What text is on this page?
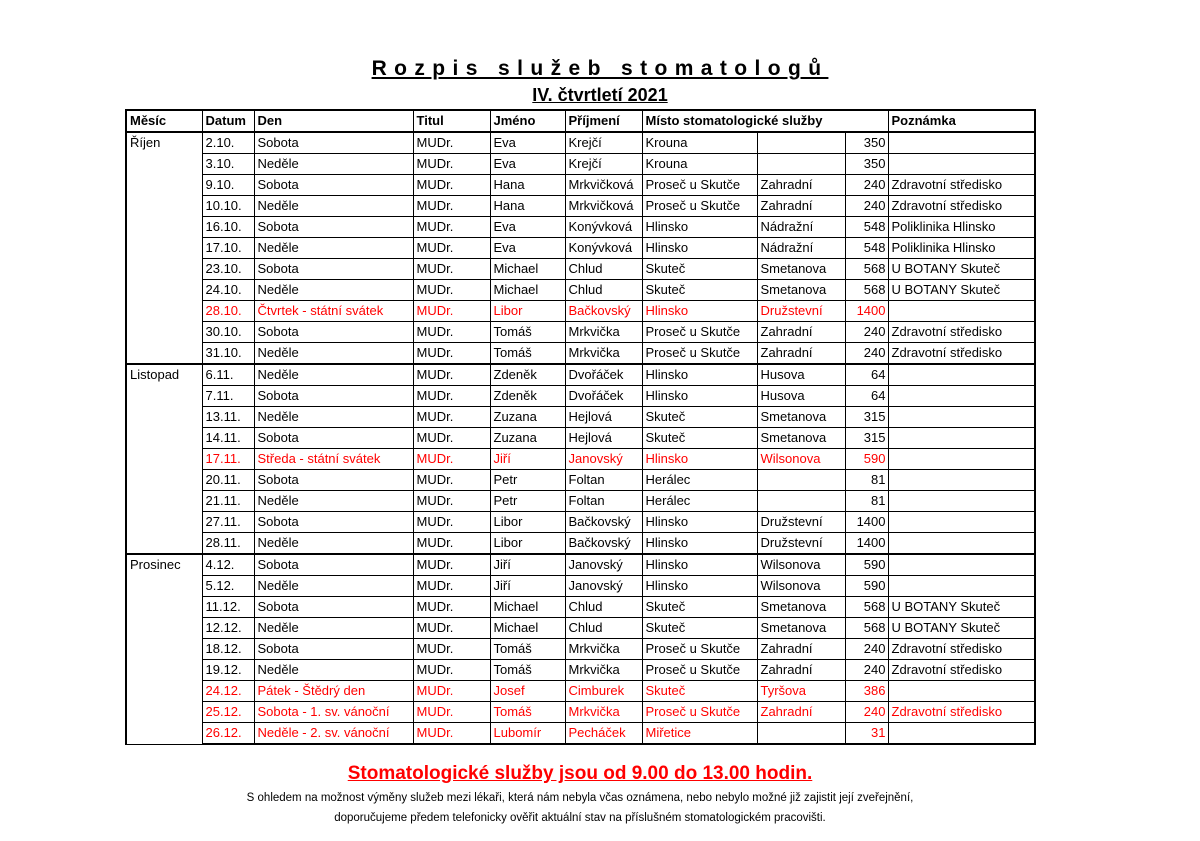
Rozpis služeb stomatologů
IV. čtvrtletí 2021
Měsíc	Datum	Den	Titul	Jméno	Příjmení	Místo stomatologické služby			Poznámka
Říjen	2.10.	Sobota	MUDr.	Eva	Krejčí	Krouna		350	
	3.10.	Neděle	MUDr.	Eva	Krejčí	Krouna		350	
	9.10.	Sobota	MUDr.	Hana	Mrkvičková	Proseč u Skutče	Zahradní	240	Zdravotní středisko
	10.10.	Neděle	MUDr.	Hana	Mrkvičková	Proseč u Skutče	Zahradní	240	Zdravotní středisko
	16.10.	Sobota	MUDr.	Eva	Konývková	Hlinsko	Nádražní	548	Poliklinika Hlinsko
	17.10.	Neděle	MUDr.	Eva	Konývková	Hlinsko	Nádražní	548	Poliklinika Hlinsko
	23.10.	Sobota	MUDr.	Michael	Chlud	Skuteč	Smetanova	568	U BOTANY Skuteč
	24.10.	Neděle	MUDr.	Michael	Chlud	Skuteč	Smetanova	568	U BOTANY Skuteč
	28.10.	Čtvrtek - státní svátek	MUDr.	Libor	Bačkovský	Hlinsko	Družstevní	1400	
	30.10.	Sobota	MUDr.	Tomáš	Mrkvička	Proseč u Skutče	Zahradní	240	Zdravotní středisko
	31.10.	Neděle	MUDr.	Tomáš	Mrkvička	Proseč u Skutče	Zahradní	240	Zdravotní středisko
Listopad	6.11.	Neděle	MUDr.	Zdeněk	Dvořáček	Hlinsko	Husova	64	
	7.11.	Sobota	MUDr.	Zdeněk	Dvořáček	Hlinsko	Husova	64	
	13.11.	Neděle	MUDr.	Zuzana	Hejlová	Skuteč	Smetanova	315	
	14.11.	Sobota	MUDr.	Zuzana	Hejlová	Skuteč	Smetanova	315	
	17.11.	Středa - státní svátek	MUDr.	Jiří	Janovský	Hlinsko	Wilsonova	590	
	20.11.	Sobota	MUDr.	Petr	Foltan	Herálec		81	
	21.11.	Neděle	MUDr.	Petr	Foltan	Herálec		81	
	27.11.	Sobota	MUDr.	Libor	Bačkovský	Hlinsko	Družstevní	1400	
	28.11.	Neděle	MUDr.	Libor	Bačkovský	Hlinsko	Družstevní	1400	
Prosinec	4.12.	Sobota	MUDr.	Jiří	Janovský	Hlinsko	Wilsonova	590	
	5.12.	Neděle	MUDr.	Jiří	Janovský	Hlinsko	Wilsonova	590	
	11.12.	Sobota	MUDr.	Michael	Chlud	Skuteč	Smetanova	568	U BOTANY Skuteč
	12.12.	Neděle	MUDr.	Michael	Chlud	Skuteč	Smetanova	568	U BOTANY Skuteč
	18.12.	Sobota	MUDr.	Tomáš	Mrkvička	Proseč u Skutče	Zahradní	240	Zdravotní středisko
	19.12.	Neděle	MUDr.	Tomáš	Mrkvička	Proseč u Skutče	Zahradní	240	Zdravotní středisko
	24.12.	Pátek - Štědrý den	MUDr.	Josef	Cimburek	Skuteč	Tyršova	386	
	25.12.	Sobota - 1. sv. vánoční	MUDr.	Tomáš	Mrkvička	Proseč u Skutče	Zahradní	240	Zdravotní středisko
	26.12.	Neděle - 2. sv. vánoční	MUDr.	Lubomír	Pecháček	Miřetice		31	
Stomatologické služby jsou od 9.00 do 13.00 hodin.
S ohledem na možnost výměny služeb mezi lékaři, která nám nebyla včas oznámena, nebo nebylo možné již zajistit její zveřejnění,
doporučujeme předem telefonicky ověřit aktuální stav na příslušném stomatologickém pracovišti.
